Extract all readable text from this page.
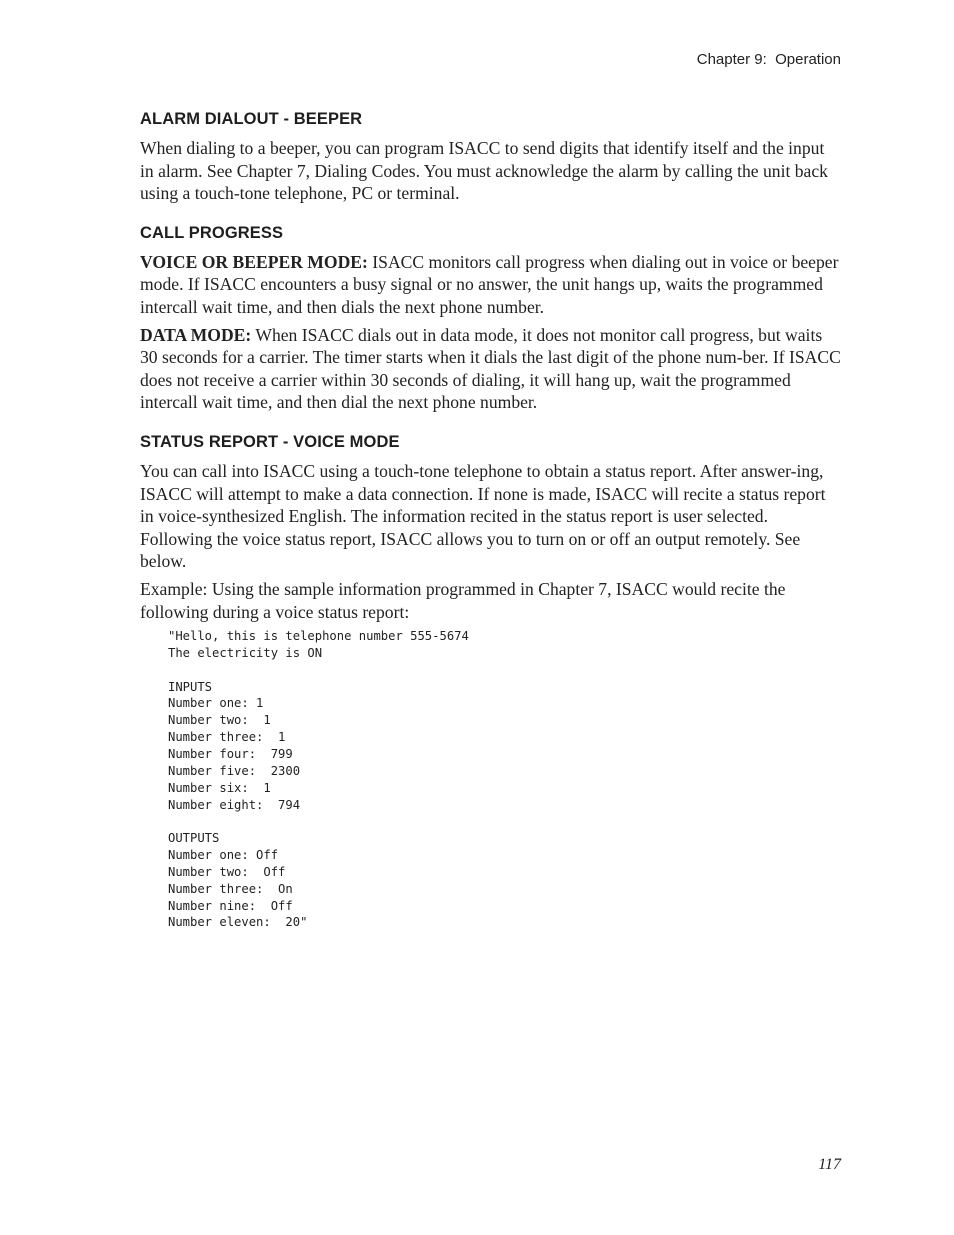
Chapter 9:  Operation
ALARM DIALOUT - BEEPER

When dialing to a beeper, you can program ISACC to send digits that identify itself and the input in alarm. See Chapter 7, Dialing Codes. You must acknowledge the alarm by calling the unit back using a touch-tone telephone, PC or terminal.

CALL PROGRESS

VOICE OR BEEPER MODE: ISACC monitors call progress when dialing out in voice or beeper mode. If ISACC encounters a busy signal or no answer, the unit hangs up, waits the programmed intercall wait time, and then dials the next phone number.

DATA MODE: When ISACC dials out in data mode, it does not monitor call progress, but waits 30 seconds for a carrier. The timer starts when it dials the last digit of the phone num-ber. If ISACC does not receive a carrier within 30 seconds of dialing, it will hang up, wait the programmed intercall wait time, and then dial the next phone number.

STATUS REPORT - VOICE MODE

You can call into ISACC using a touch-tone telephone to obtain a status report. After answer-ing, ISACC will attempt to make a data connection. If none is made, ISACC will recite a status report in voice-synthesized English. The information recited in the status report is user selected. Following the voice status report, ISACC allows you to turn on or off an output remotely. See below.

Example: Using the sample information programmed in Chapter 7, ISACC would recite the following during a voice status report:

"Hello, this is telephone number 555-5674
The electricity is ON

INPUTS
Number one: 1
Number two:  1
Number three:  1
Number four:  799
Number five:  2300
Number six:  1
Number eight:  794

OUTPUTS
Number one: Off
Number two:  Off
Number three:  On
Number nine:  Off
Number eleven:  20"
117
